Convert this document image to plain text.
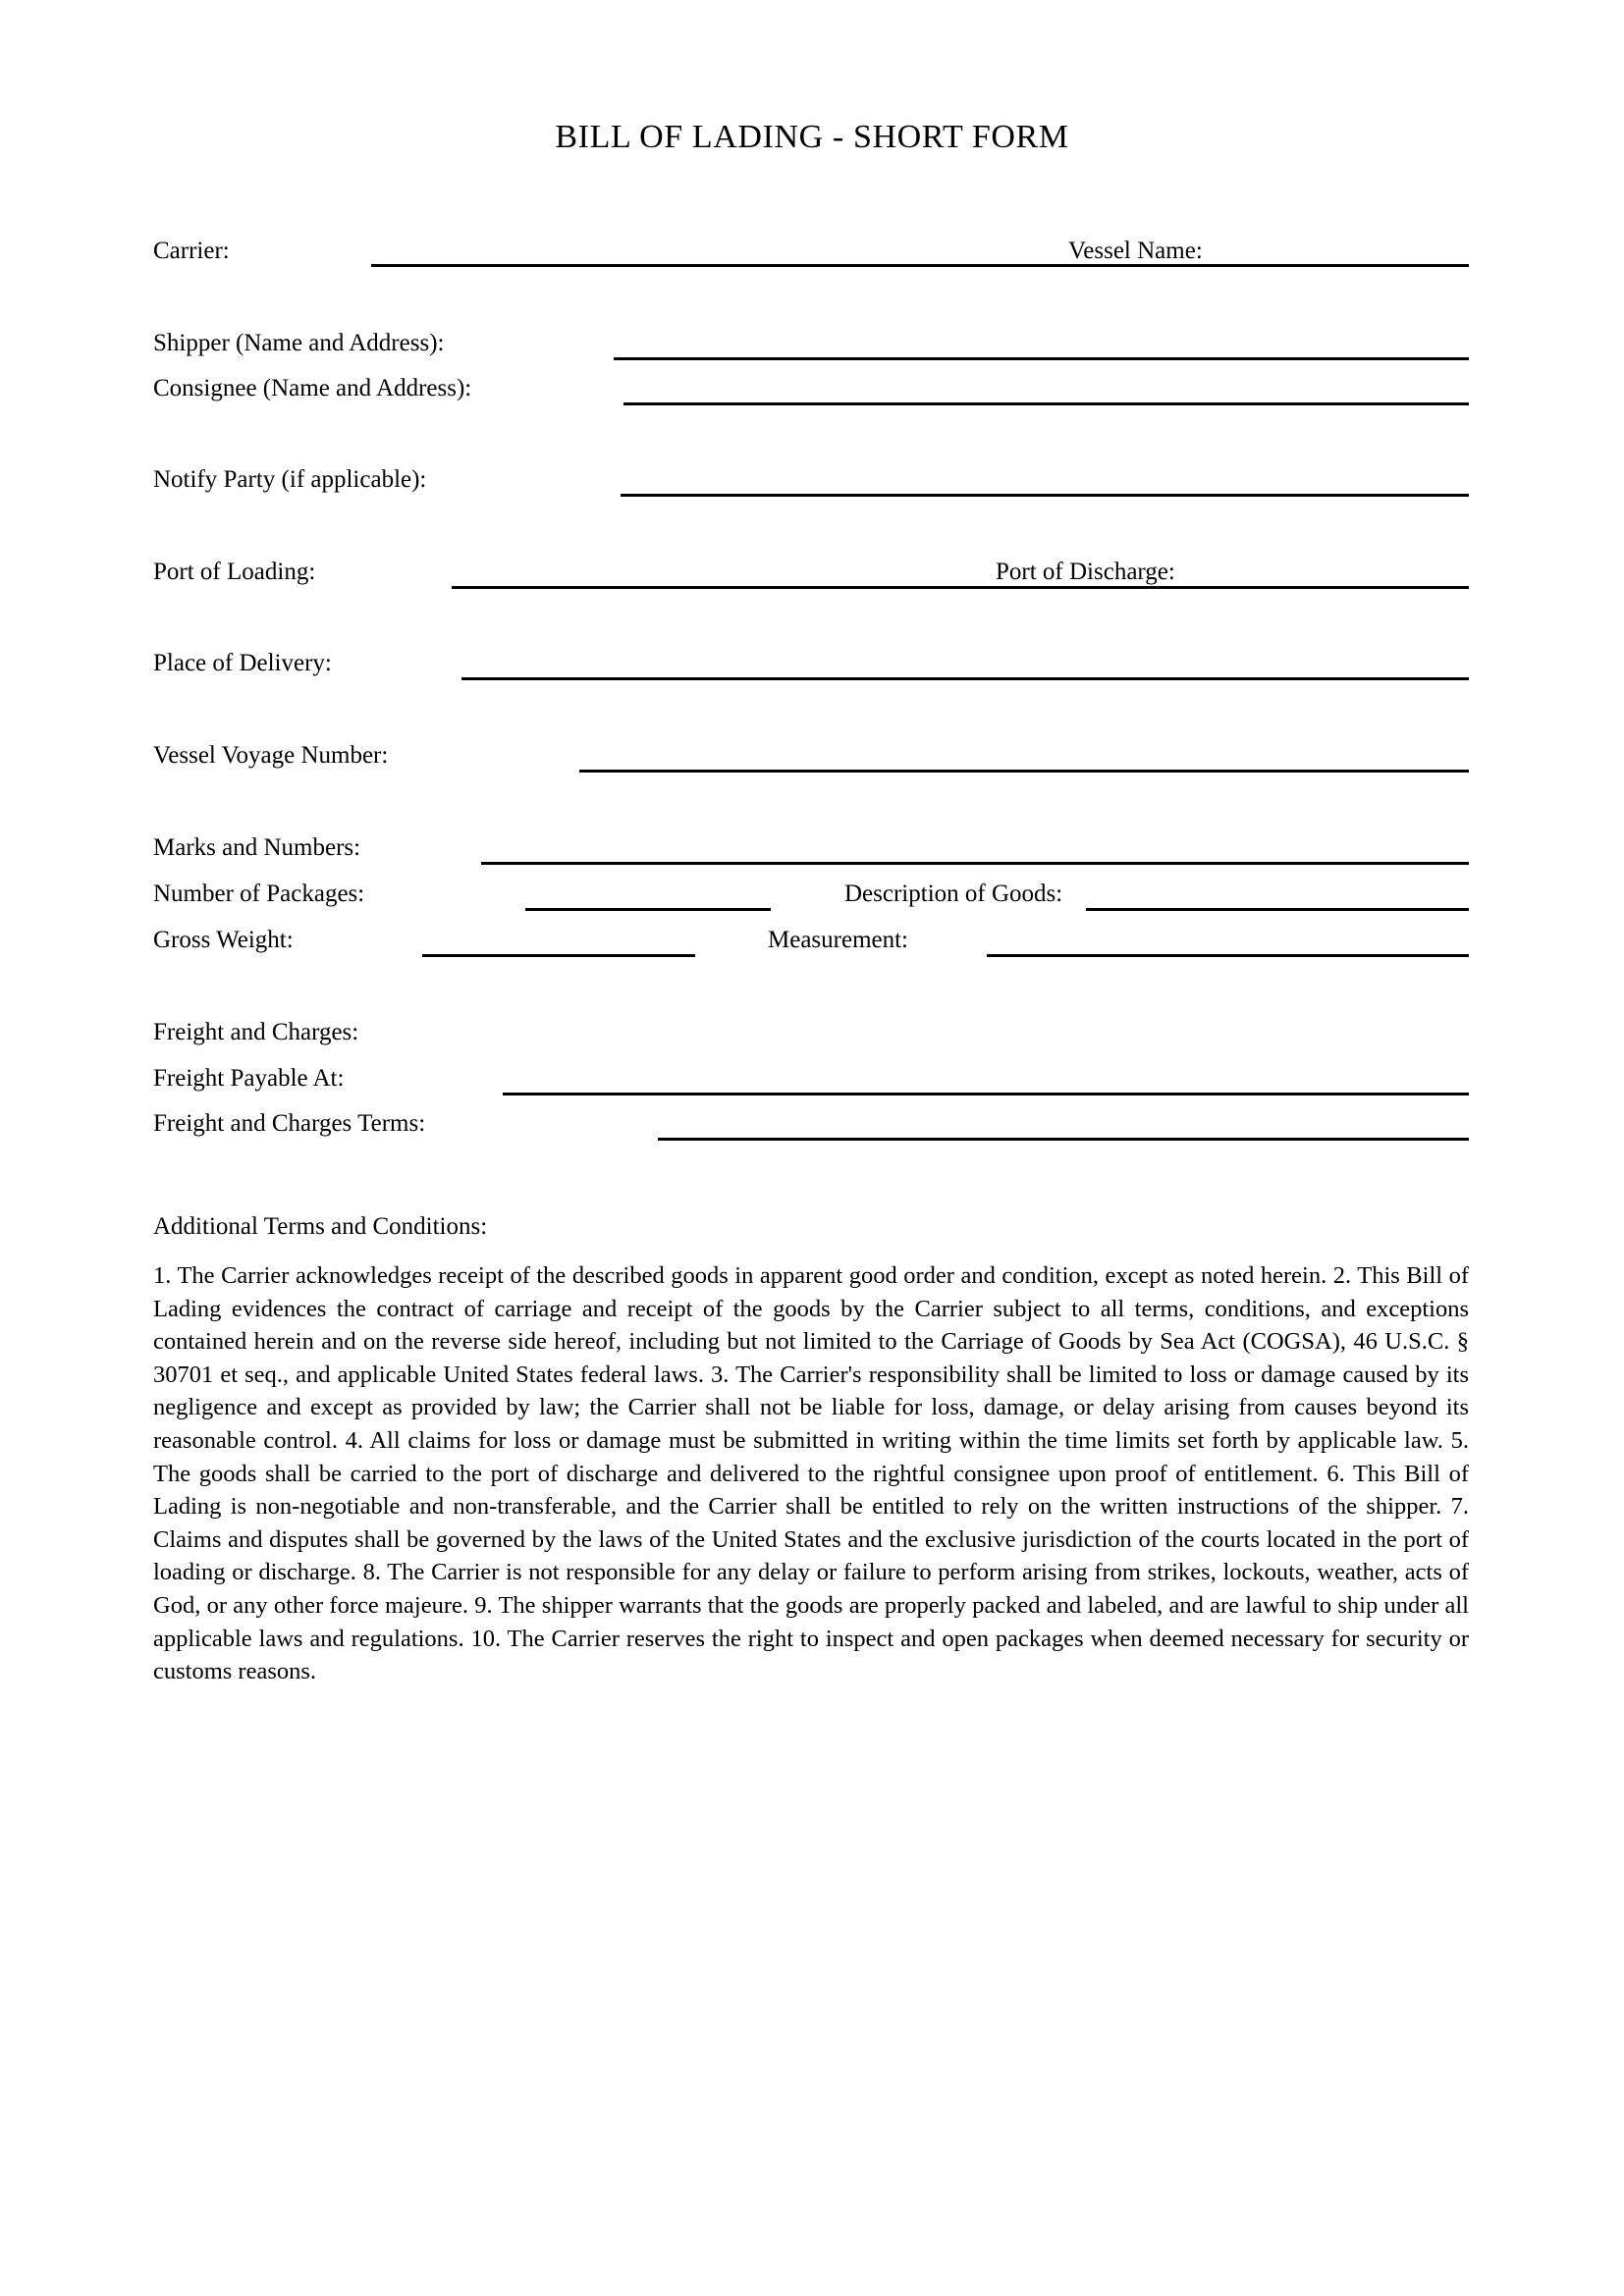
BILL OF LADING - SHORT FORM
Carrier:	Vessel Name:
Shipper (Name and Address):
Consignee (Name and Address):
Notify Party (if applicable):
Port of Loading:	Port of Discharge:
Place of Delivery:
Vessel Voyage Number:
Marks and Numbers:
Number of Packages:	Description of Goods:
Gross Weight:	Measurement:
Freight and Charges:
Freight Payable At:
Freight and Charges Terms:
Additional Terms and Conditions:
1. The Carrier acknowledges receipt of the described goods in apparent good order and condition, except as noted herein. 2. This Bill of Lading evidences the contract of carriage and receipt of the goods by the Carrier subject to all terms, conditions, and exceptions contained herein and on the reverse side hereof, including but not limited to the Carriage of Goods by Sea Act (COGSA), 46 U.S.C. § 30701 et seq., and applicable United States federal laws. 3. The Carrier's responsibility shall be limited to loss or damage caused by its negligence and except as provided by law; the Carrier shall not be liable for loss, damage, or delay arising from causes beyond its reasonable control. 4. All claims for loss or damage must be submitted in writing within the time limits set forth by applicable law. 5. The goods shall be carried to the port of discharge and delivered to the rightful consignee upon proof of entitlement. 6. This Bill of Lading is non-negotiable and non-transferable, and the Carrier shall be entitled to rely on the written instructions of the shipper. 7. Claims and disputes shall be governed by the laws of the United States and the exclusive jurisdiction of the courts located in the port of loading or discharge. 8. The Carrier is not responsible for any delay or failure to perform arising from strikes, lockouts, weather, acts of God, or any other force majeure. 9. The shipper warrants that the goods are properly packed and labeled, and are lawful to ship under all applicable laws and regulations. 10. The Carrier reserves the right to inspect and open packages when deemed necessary for security or customs reasons.
